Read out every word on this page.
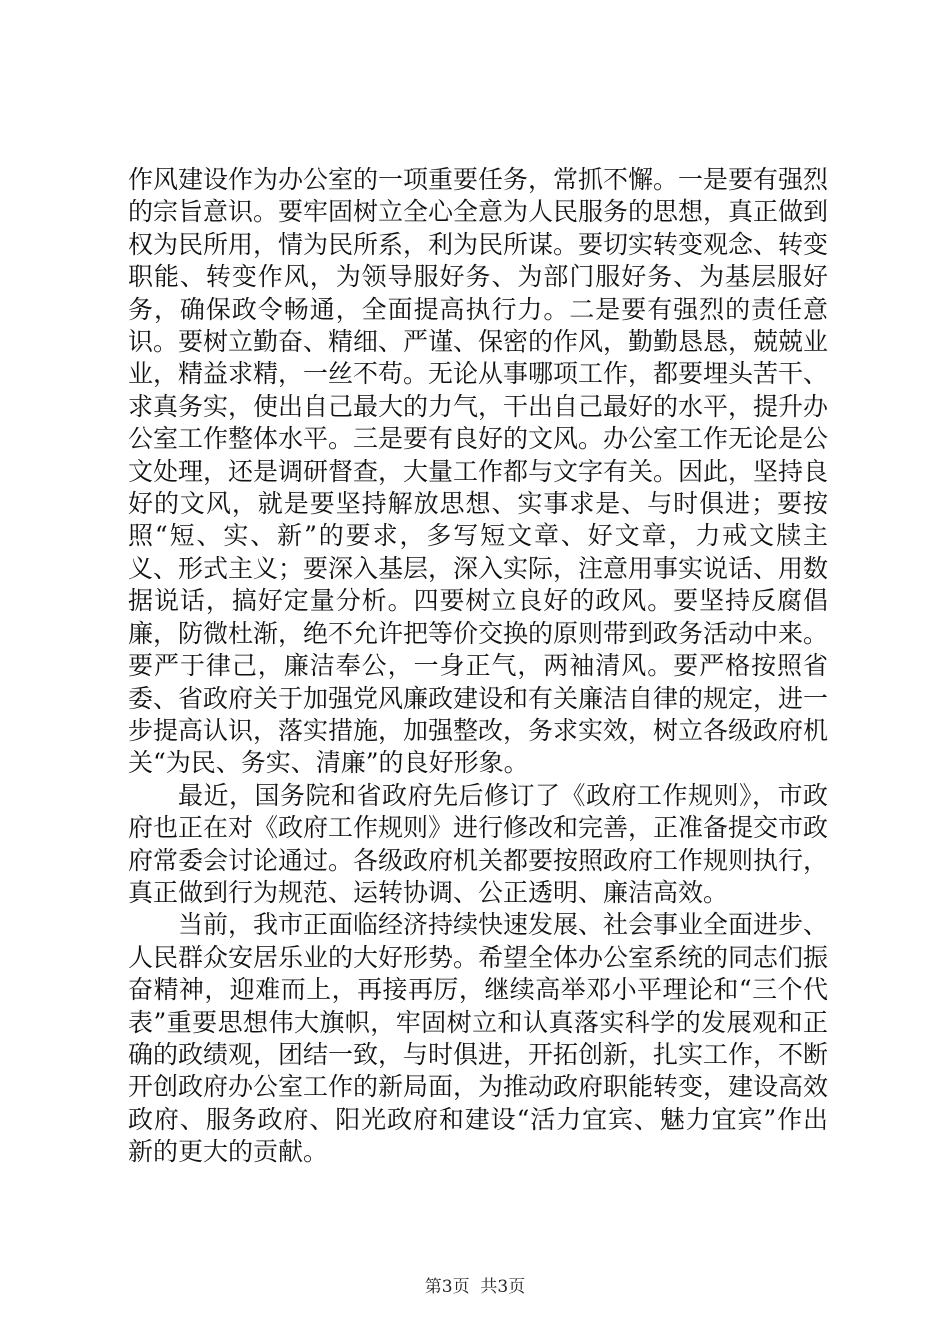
作风建设作为办公室的一项重要任务，常抓不懈。一是要有强烈的宗旨意识。要牢固树立全心全意为人民服务的思想，真正做到权为民所用，情为民所系，利为民所谋。要切实转变观念、转变职能、转变作风，为领导服好务、为部门服好务、为基层服好务，确保政令畅通，全面提高执行力。二是要有强烈的责任意识。要树立勤奋、精细、严谨、保密的作风，勤勤恳恳，兢兢业业，精益求精，一丝不苟。无论从事哪项工作，都要埋头苦干、求真务实，使出自己最大的力气，干出自己最好的水平，提升办公室工作整体水平。三是要有良好的文风。办公室工作无论是公文处理，还是调研督查，大量工作都与文字有关。因此，坚持良好的文风，就是要坚持解放思想、实事求是、与时俱进；要按照“短、实、新”的要求，多写短文章、好文章，力戒文牍主义、形式主义；要深入基层，深入实际，注意用事实说话、用数据说话，搞好定量分析。四要树立良好的政风。要坚持反腐倡廉，防微杜渐，绝不允许把等价交换的原则带到政务活动中来。要严于律己，廉洁奉公，一身正气，两袖清风。要严格按照省委、省政府关于加强党风廉政建设和有关廉洁自律的规定，进一步提高认识，落实措施，加强整改，务求实效，树立各级政府机关“为民、务实、清廉”的良好形象。

最近，国务院和省政府先后修订了《政府工作规则》，市政府也正在对《政府工作规则》进行修改和完善，正准备提交市政府常委会讨论通过。各级政府机关都要按照政府工作规则执行，真正做到行为规范、运转协调、公正透明、廉洁高效。

当前，我市正面临经济持续快速发展、社会事业全面进步、人民群众安居乐业的大好形势。希望全体办公室系统的同志们振奋精神，迎难而上，再接再厉，继续高举邓小平理论和“三个代表”重要思想伟大旗帜，牢固树立和认真落实科学的发展观和正确的政绩观，团结一致，与时俱进，开拓创新，扎实工作，不断开创政府办公室工作的新局面，为推动政府职能转变，建设高效政府、服务政府、阳光政府和建设“活力宜宾、魅力宜宾”作出新的更大的贡献。

第3页  共3页
